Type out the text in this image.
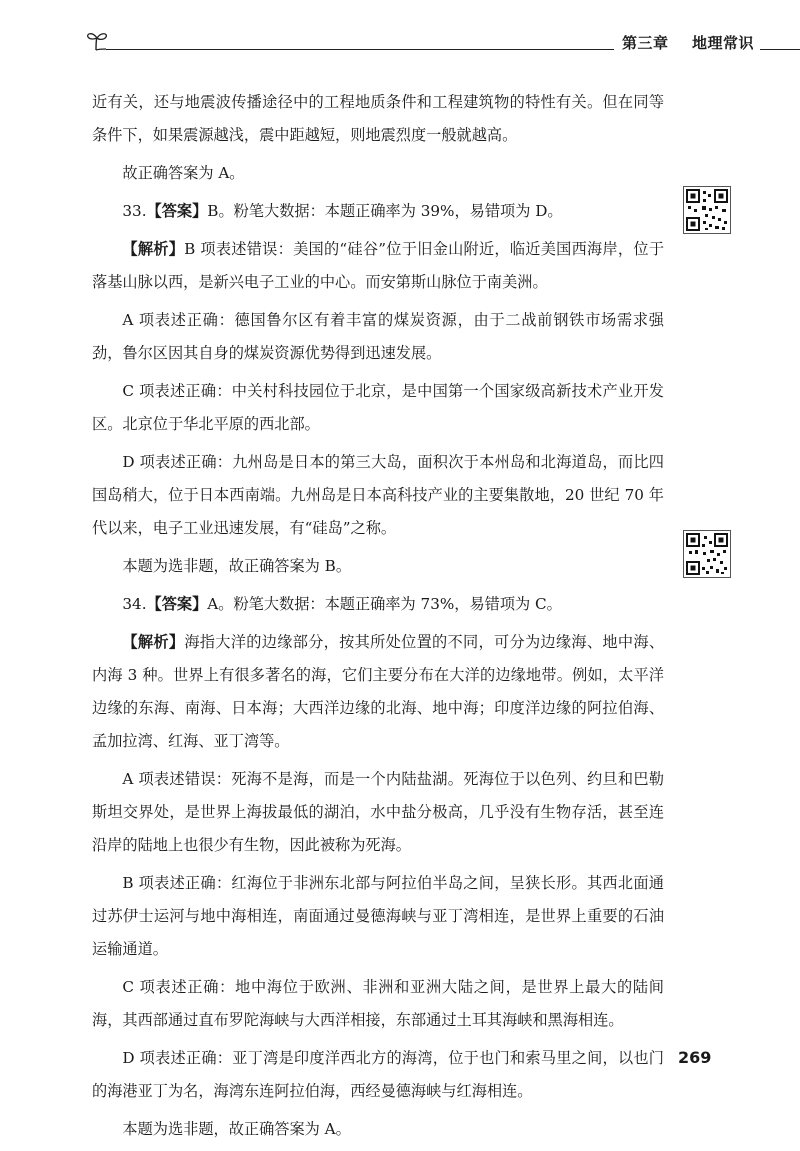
第三章 地理常识

近有关，还与地震波传播途径中的工程地质条件和工程建筑物的特性有关。但在同等条件下，如果震源越浅，震中距越短，则地震烈度一般就越高。

故正确答案为 A。

33.【答案】B。粉笔大数据：本题正确率为 39%，易错项为 D。

【解析】B 项表述错误：美国的“硅谷”位于旧金山附近，临近美国西海岸，位于落基山脉以西，是新兴电子工业的中心。而安第斯山脉位于南美洲。

A 项表述正确：德国鲁尔区有着丰富的煤炭资源，由于二战前钢铁市场需求强劲，鲁尔区因其自身的煤炭资源优势得到迅速发展。

C 项表述正确：中关村科技园位于北京，是中国第一个国家级高新技术产业开发区。北京位于华北平原的西北部。

D 项表述正确：九州岛是日本的第三大岛，面积次于本州岛和北海道岛，而比四国岛稍大，位于日本西南端。九州岛是日本高科技产业的主要集散地，20 世纪 70 年代以来，电子工业迅速发展，有“硅岛”之称。

本题为选非题，故正确答案为 B。

34.【答案】A。粉笔大数据：本题正确率为 73%，易错项为 C。

【解析】海指大洋的边缘部分，按其所处位置的不同，可分为边缘海、地中海、内海 3 种。世界上有很多著名的海，它们主要分布在大洋的边缘地带。例如，太平洋边缘的东海、南海、日本海；大西洋边缘的北海、地中海；印度洋边缘的阿拉伯海、孟加拉湾、红海、亚丁湾等。

A 项表述错误：死海不是海，而是一个内陆盐湖。死海位于以色列、约旦和巴勒斯坦交界处，是世界上海拔最低的湖泊，水中盐分极高，几乎没有生物存活，甚至连沿岸的陆地上也很少有生物，因此被称为死海。

B 项表述正确：红海位于非洲东北部与阿拉伯半岛之间，呈狭长形。其西北面通过苏伊士运河与地中海相连，南面通过曼德海峡与亚丁湾相连，是世界上重要的石油运输通道。

C 项表述正确：地中海位于欧洲、非洲和亚洲大陆之间，是世界上最大的陆间海，其西部通过直布罗陀海峡与大西洋相接，东部通过土耳其海峡和黑海相连。

D 项表述正确：亚丁湾是印度洋西北方的海湾，位于也门和索马里之间，以也门的海港亚丁为名，海湾东连阿拉伯海，西经曼德海峡与红海相连。

本题为选非题，故正确答案为 A。

269
